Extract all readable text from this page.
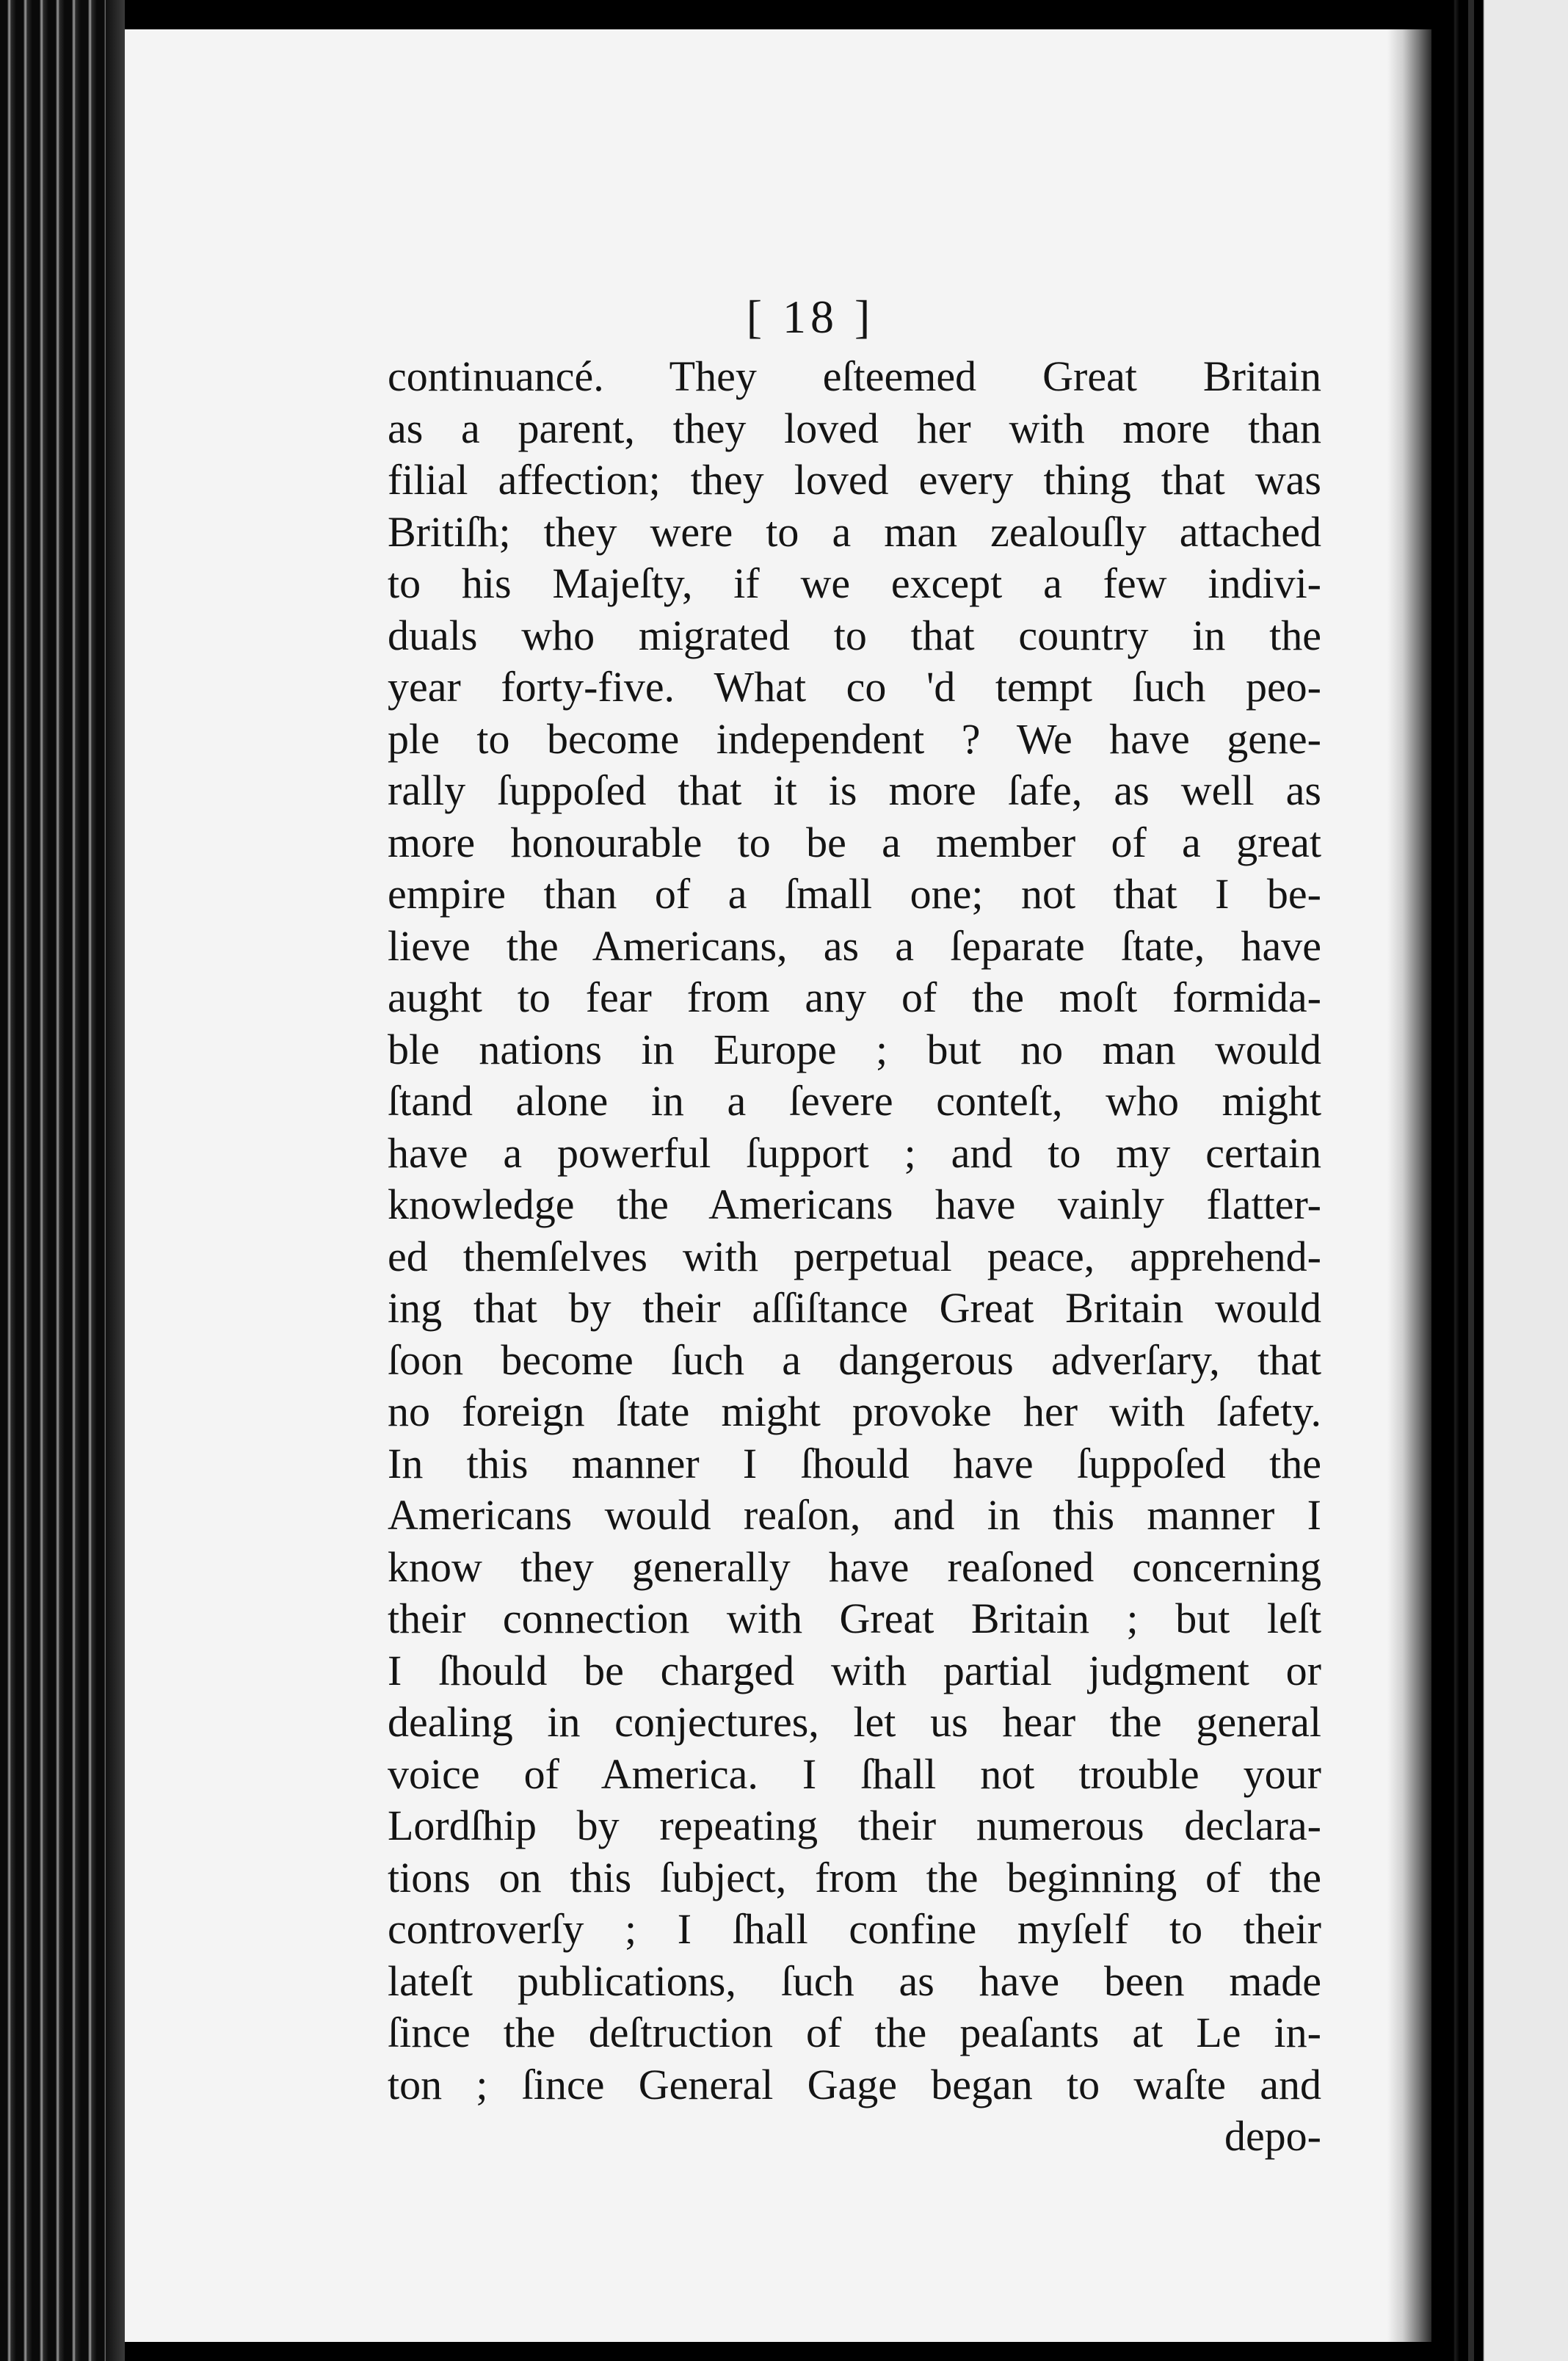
[ 18 ]
continuancé. They eſteemed Great Britain
as a parent, they loved her with more than
filial affection; they loved every thing that was
Britiſh; they were to a man zealouſly attached
to his Majeſty, if we except a few indivi-
duals who migrated to that country in the
year forty-five. What co 'd tempt ſuch peo-
ple to become independent ? We have gene-
rally ſuppoſed that it is more ſafe, as well as
more honourable to be a member of a great
empire than of a ſmall one; not that I be-
lieve the Americans, as a ſeparate ſtate, have
aught to fear from any of the moſt formida-
ble nations in Europe ; but no man would
ſtand alone in a ſevere conteſt, who might
have a powerful ſupport ; and to my certain
knowledge the Americans have vainly flatter-
ed themſelves with perpetual peace, apprehend-
ing that by their aſſiſtance Great Britain would
ſoon become ſuch a dangerous adverſary, that
no foreign ſtate might provoke her with ſafety.
In this manner I ſhould have ſuppoſed the
Americans would reaſon, and in this manner I
know they generally have reaſoned concerning
their connection with Great Britain ; but leſt
I ſhould be charged with partial judgment or
dealing in conjectures, let us hear the general
voice of America. I ſhall not trouble your
Lordſhip by repeating their numerous declara-
tions on this ſubject, from the beginning of the
controverſy ; I ſhall confine myſelf to their
lateſt publications, ſuch as have been made
ſince the deſtruction of the peaſants at Le in-
ton ; ſince General Gage began to waſte and
depo-
